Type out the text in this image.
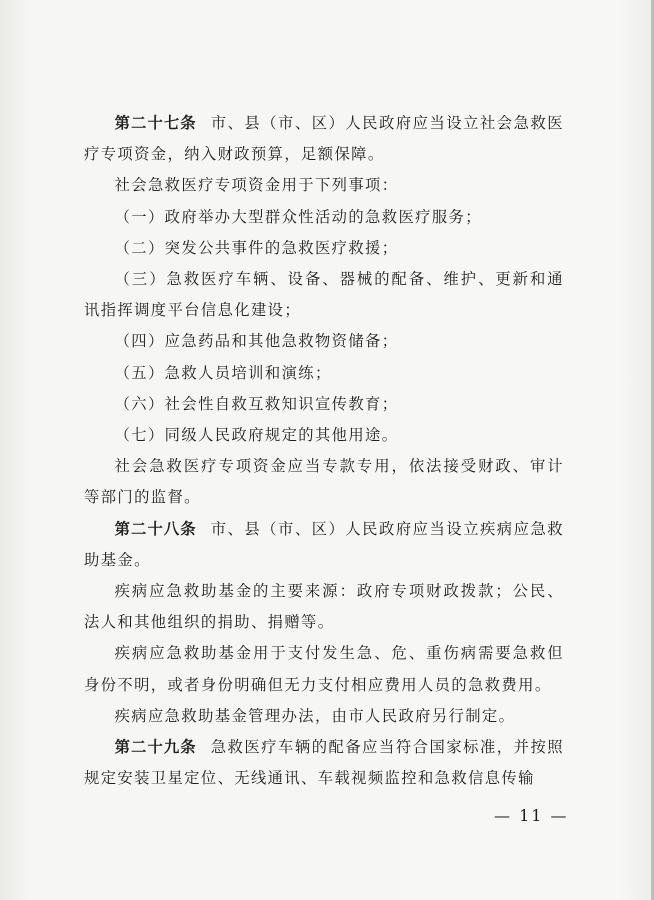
第二十七条 市、县（市、区）人民政府应当设立社会急救医疗专项资金，纳入财政预算，足额保障。

社会急救医疗专项资金用于下列事项：

（一）政府举办大型群众性活动的急救医疗服务；

（二）突发公共事件的急救医疗救援；

（三）急救医疗车辆、设备、器械的配备、维护、更新和通讯指挥调度平台信息化建设；

（四）应急药品和其他急救物资储备；

（五）急救人员培训和演练；

（六）社会性自救互救知识宣传教育；

（七）同级人民政府规定的其他用途。

社会急救医疗专项资金应当专款专用，依法接受财政、审计等部门的监督。

第二十八条 市、县（市、区）人民政府应当设立疾病应急救助基金。

疾病应急救助基金的主要来源：政府专项财政拨款；公民、法人和其他组织的捐助、捐赠等。

疾病应急救助基金用于支付发生急、危、重伤病需要急救但身份不明，或者身份明确但无力支付相应费用人员的急救费用。

疾病应急救助基金管理办法，由市人民政府另行制定。

第二十九条 急救医疗车辆的配备应当符合国家标准，并按照规定安装卫星定位、无线通讯、车载视频监控和急救信息传输

— 11 —
